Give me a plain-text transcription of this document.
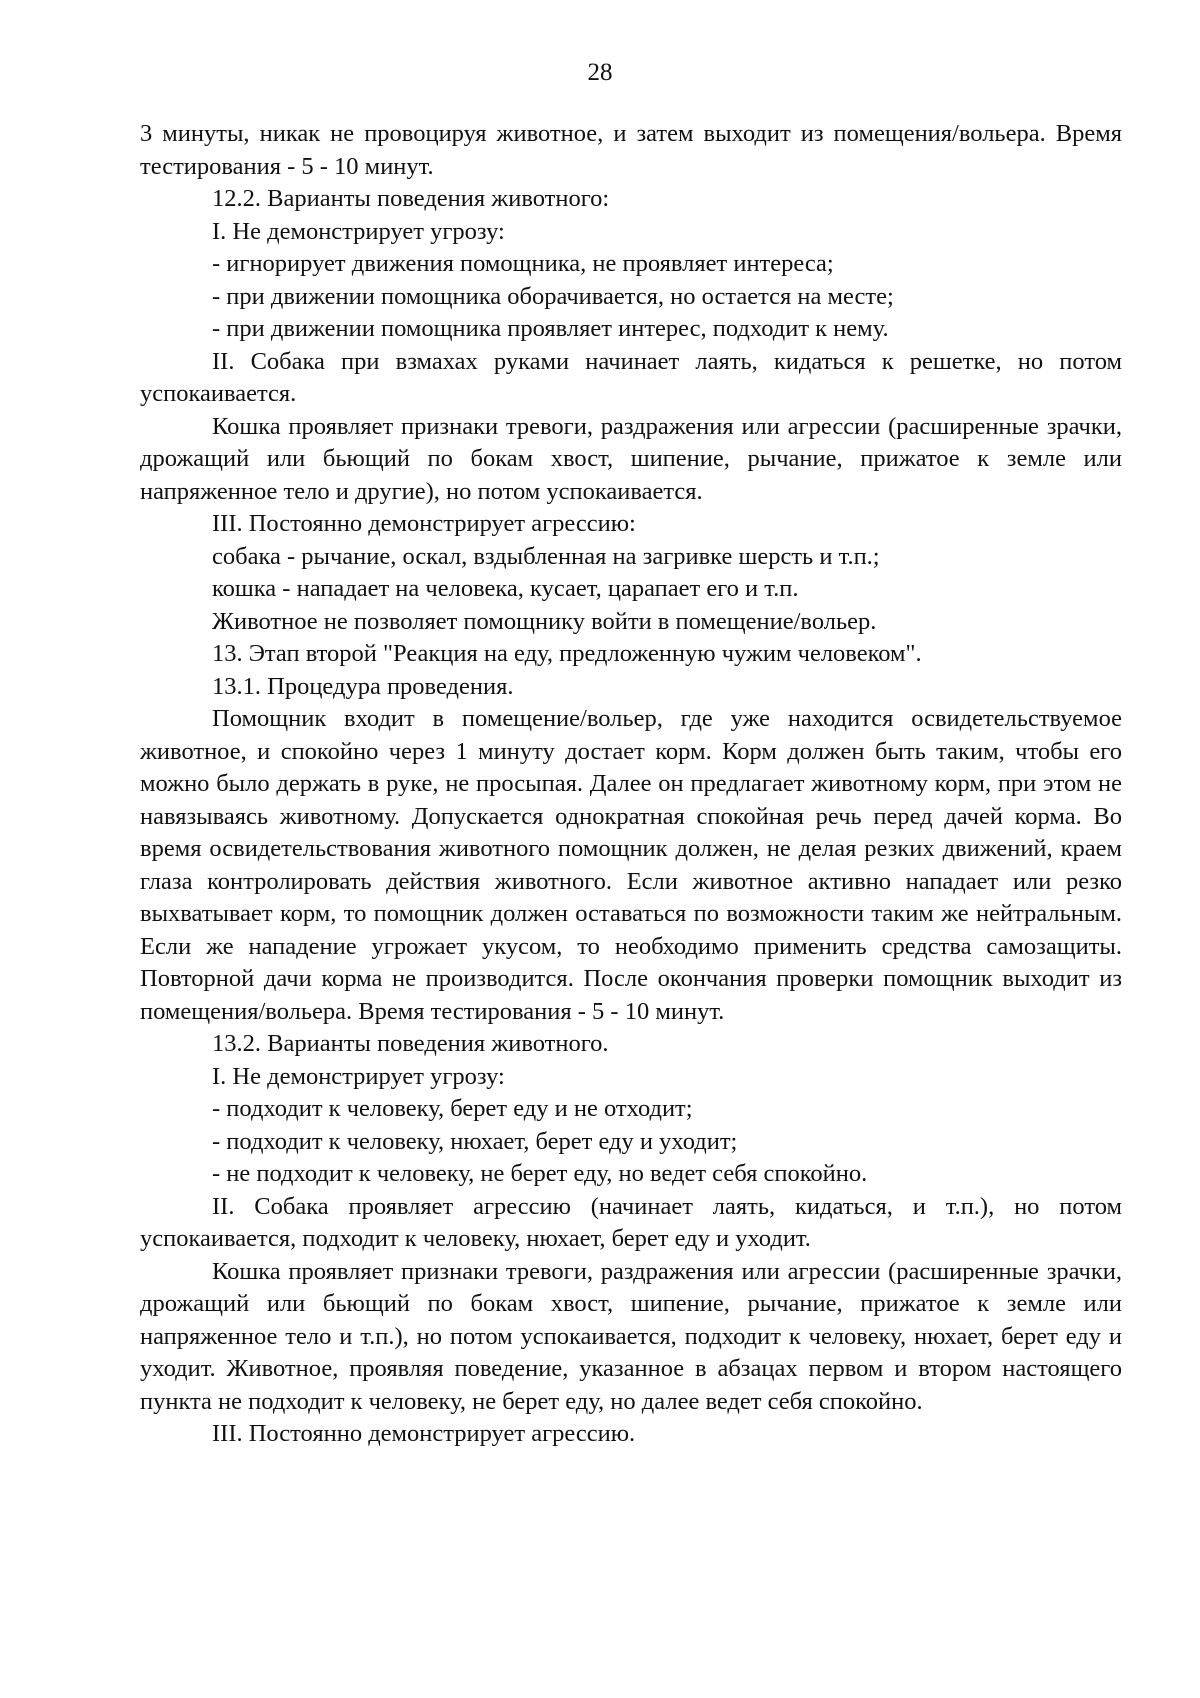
28

3 минуты, никак не провоцируя животное, и затем выходит из помещения/вольера. Время тестирования - 5 - 10 минут.

12.2. Варианты поведения животного:

I. Не демонстрирует угрозу:

- игнорирует движения помощника, не проявляет интереса;

- при движении помощника оборачивается, но остается на месте;

- при движении помощника проявляет интерес, подходит к нему.

II. Собака при взмахах руками начинает лаять, кидаться к решетке, но потом успокаивается.

Кошка проявляет признаки тревоги, раздражения или агрессии (расширенные зрачки, дрожащий или бьющий по бокам хвост, шипение, рычание, прижатое к земле или напряженное тело и другие), но потом успокаивается.

III. Постоянно демонстрирует агрессию:

собака - рычание, оскал, вздыбленная на загривке шерсть и т.п.;

кошка - нападает на человека, кусает, царапает его и т.п.

Животное не позволяет помощнику войти в помещение/вольер.

13. Этап второй "Реакция на еду, предложенную чужим человеком".

13.1. Процедура проведения.

Помощник входит в помещение/вольер, где уже находится освидетельствуемое животное, и спокойно через 1 минуту достает корм. Корм должен быть таким, чтобы его можно было держать в руке, не просыпая. Далее он предлагает животному корм, при этом не навязываясь животному. Допускается однократная спокойная речь перед дачей корма. Во время освидетельствования животного помощник должен, не делая резких движений, краем глаза контролировать действия животного. Если животное активно нападает или резко выхватывает корм, то помощник должен оставаться по возможности таким же нейтральным. Если же нападение угрожает укусом, то необходимо применить средства самозащиты. Повторной дачи корма не производится. После окончания проверки помощник выходит из помещения/вольера. Время тестирования - 5 - 10 минут.

13.2. Варианты поведения животного.

I. Не демонстрирует угрозу:

- подходит к человеку, берет еду и не отходит;

- подходит к человеку, нюхает, берет еду и уходит;

- не подходит к человеку, не берет еду, но ведет себя спокойно.

II. Собака проявляет агрессию (начинает лаять, кидаться, и т.п.), но потом успокаивается, подходит к человеку, нюхает, берет еду и уходит.

Кошка проявляет признаки тревоги, раздражения или агрессии (расширенные зрачки, дрожащий или бьющий по бокам хвост, шипение, рычание, прижатое к земле или напряженное тело и т.п.), но потом успокаивается, подходит к человеку, нюхает, берет еду и уходит. Животное, проявляя поведение, указанное в абзацах первом и втором настоящего пункта не подходит к человеку, не берет еду, но далее ведет себя спокойно.

III. Постоянно демонстрирует агрессию.
